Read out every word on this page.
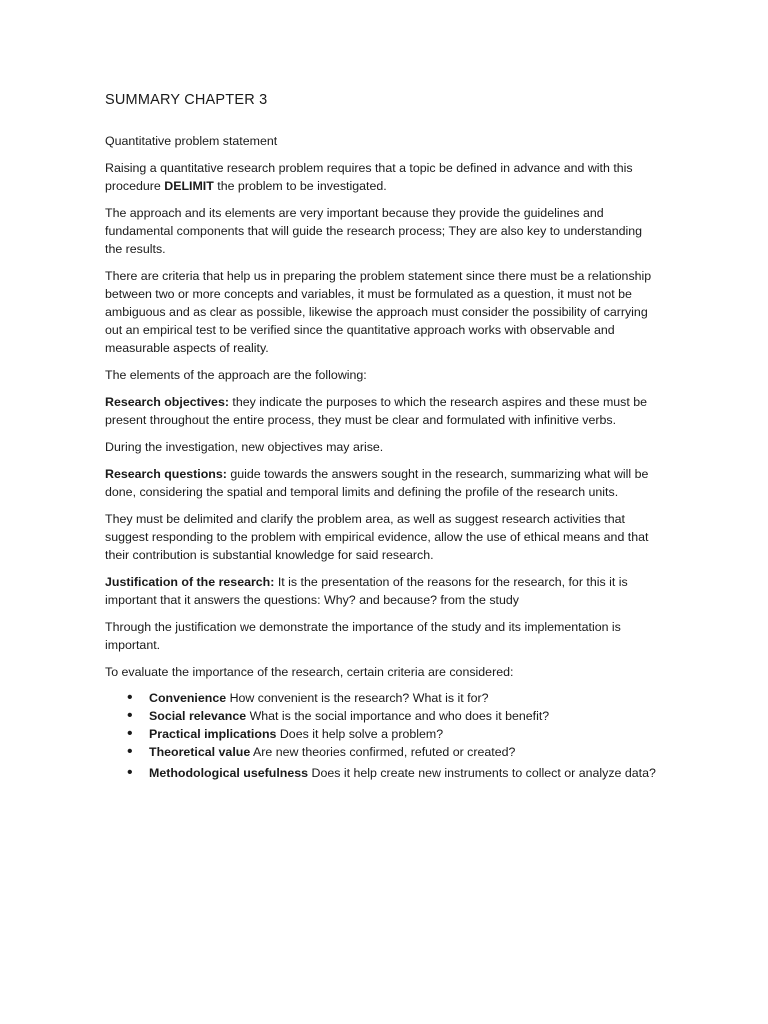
SUMMARY CHAPTER 3

Quantitative problem statement

Raising a quantitative research problem requires that a topic be defined in advance and with this procedure DELIMIT the problem to be investigated.

The approach and its elements are very important because they provide the guidelines and fundamental components that will guide the research process; They are also key to understanding the results.

There are criteria that help us in preparing the problem statement since there must be a relationship between two or more concepts and variables, it must be formulated as a question, it must not be ambiguous and as clear as possible, likewise the approach must consider the possibility of carrying out an empirical test to be verified since the quantitative approach works with observable and measurable aspects of reality.

The elements of the approach are the following:

Research objectives: they indicate the purposes to which the research aspires and these must be present throughout the entire process, they must be clear and formulated with infinitive verbs.

During the investigation, new objectives may arise.

Research questions: guide towards the answers sought in the research, summarizing what will be done, considering the spatial and temporal limits and defining the profile of the research units.

They must be delimited and clarify the problem area, as well as suggest research activities that suggest responding to the problem with empirical evidence, allow the use of ethical means and that their contribution is substantial knowledge for said research.

Justification of the research: It is the presentation of the reasons for the research, for this it is important that it answers the questions: Why? and because? from the study

Through the justification we demonstrate the importance of the study and its implementation is important.

To evaluate the importance of the research, certain criteria are considered:

• Convenience How convenient is the research? What is it for?
• Social relevance What is the social importance and who does it benefit?
• Practical implications Does it help solve a problem?
• Theoretical value Are new theories confirmed, refuted or created?
• Methodological usefulness Does it help create new instruments to collect or analyze data?
